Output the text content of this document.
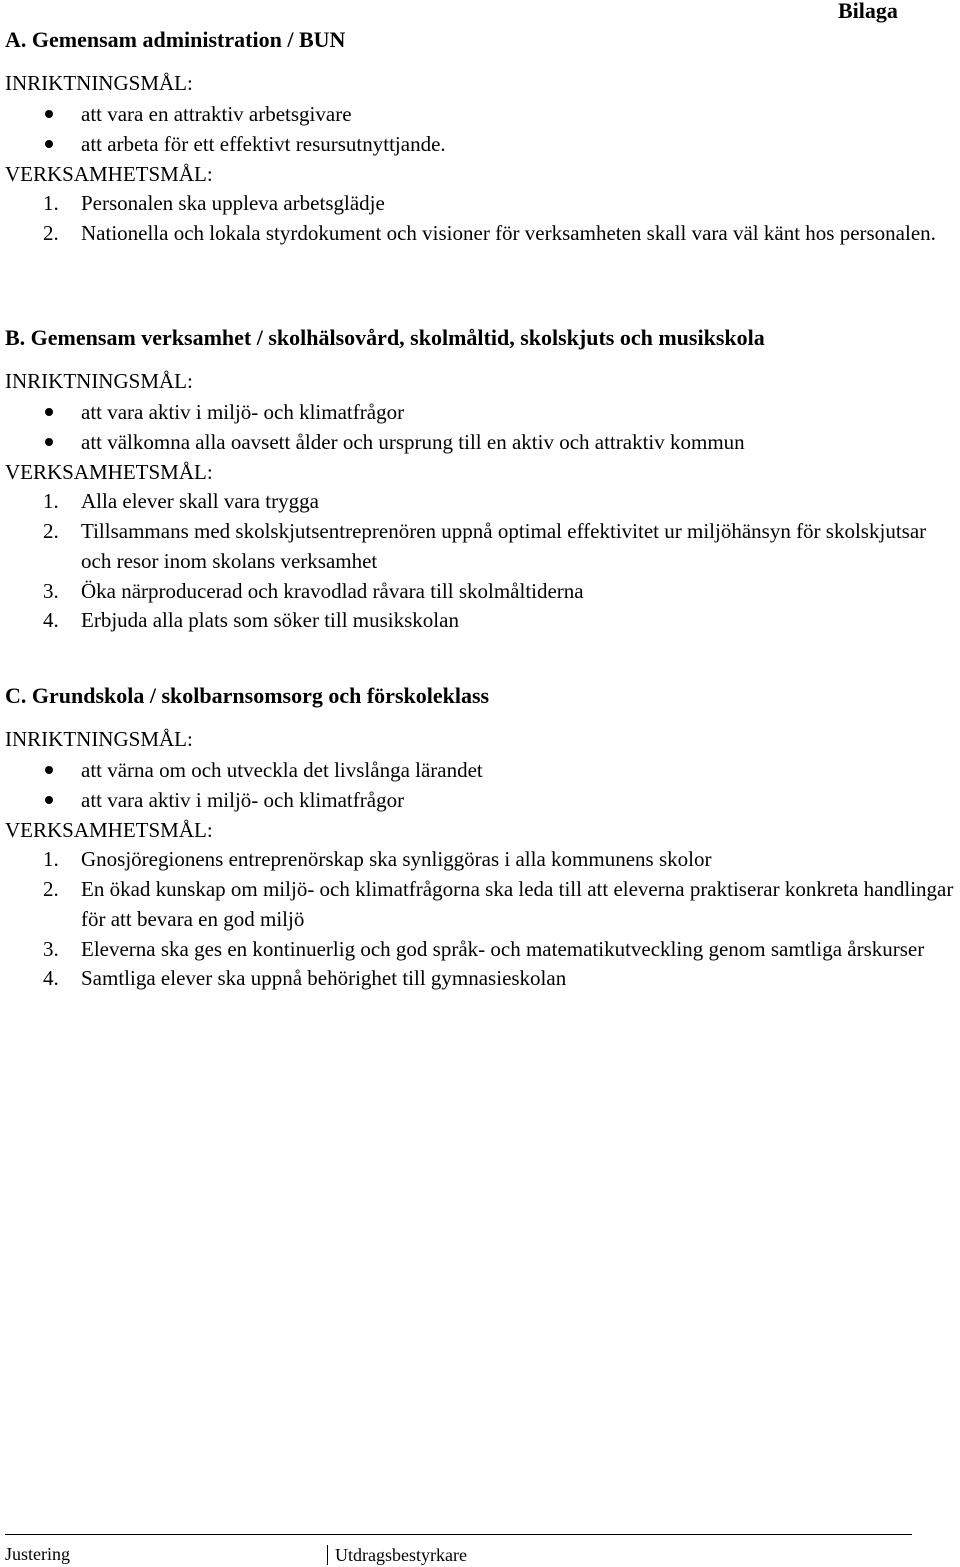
Bilaga
A. Gemensam administration / BUN
INRIKTNINGSMÅL:
att vara en attraktiv arbetsgivare
att arbeta för ett effektivt resursutnyttjande.
VERKSAMHETSMÅL:
1. Personalen ska uppleva arbetsglädje
2. Nationella och lokala styrdokument och visioner för verksamheten skall vara väl känt hos personalen.
B. Gemensam verksamhet / skolhälsovård, skolmåltid, skolskjuts och musikskola
INRIKTNINGSMÅL:
att vara aktiv i miljö- och klimatfrågor
att välkomna alla oavsett ålder och ursprung till en aktiv och attraktiv kommun
VERKSAMHETSMÅL:
1. Alla elever skall vara trygga
2. Tillsammans med skolskjutsentreprenören uppnå optimal effektivitet ur miljöhänsyn för skolskjutsar och resor inom skolans verksamhet
3. Öka närproducerad och kravodlad råvara till skolmåltiderna
4. Erbjuda alla plats som söker till musikskolan
C. Grundskola / skolbarnsomsorg och förskoleklass
INRIKTNINGSMÅL:
att värna om och utveckla det livslånga lärandet
att vara aktiv i miljö- och klimatfrågor
VERKSAMHETSMÅL:
1. Gnosjöregionens entreprenörskap ska synliggöras i alla kommunens skolor
2. En ökad kunskap om miljö- och klimatfrågorna ska leda till att eleverna praktiserar konkreta handlingar för att bevara en god miljö
3. Eleverna ska ges en kontinuerlig och god språk- och matematikutveckling genom samtliga årskurser
4. Samtliga elever ska uppnå behörighet till gymnasieskolan
Justering	Utdragsbestyrkare
